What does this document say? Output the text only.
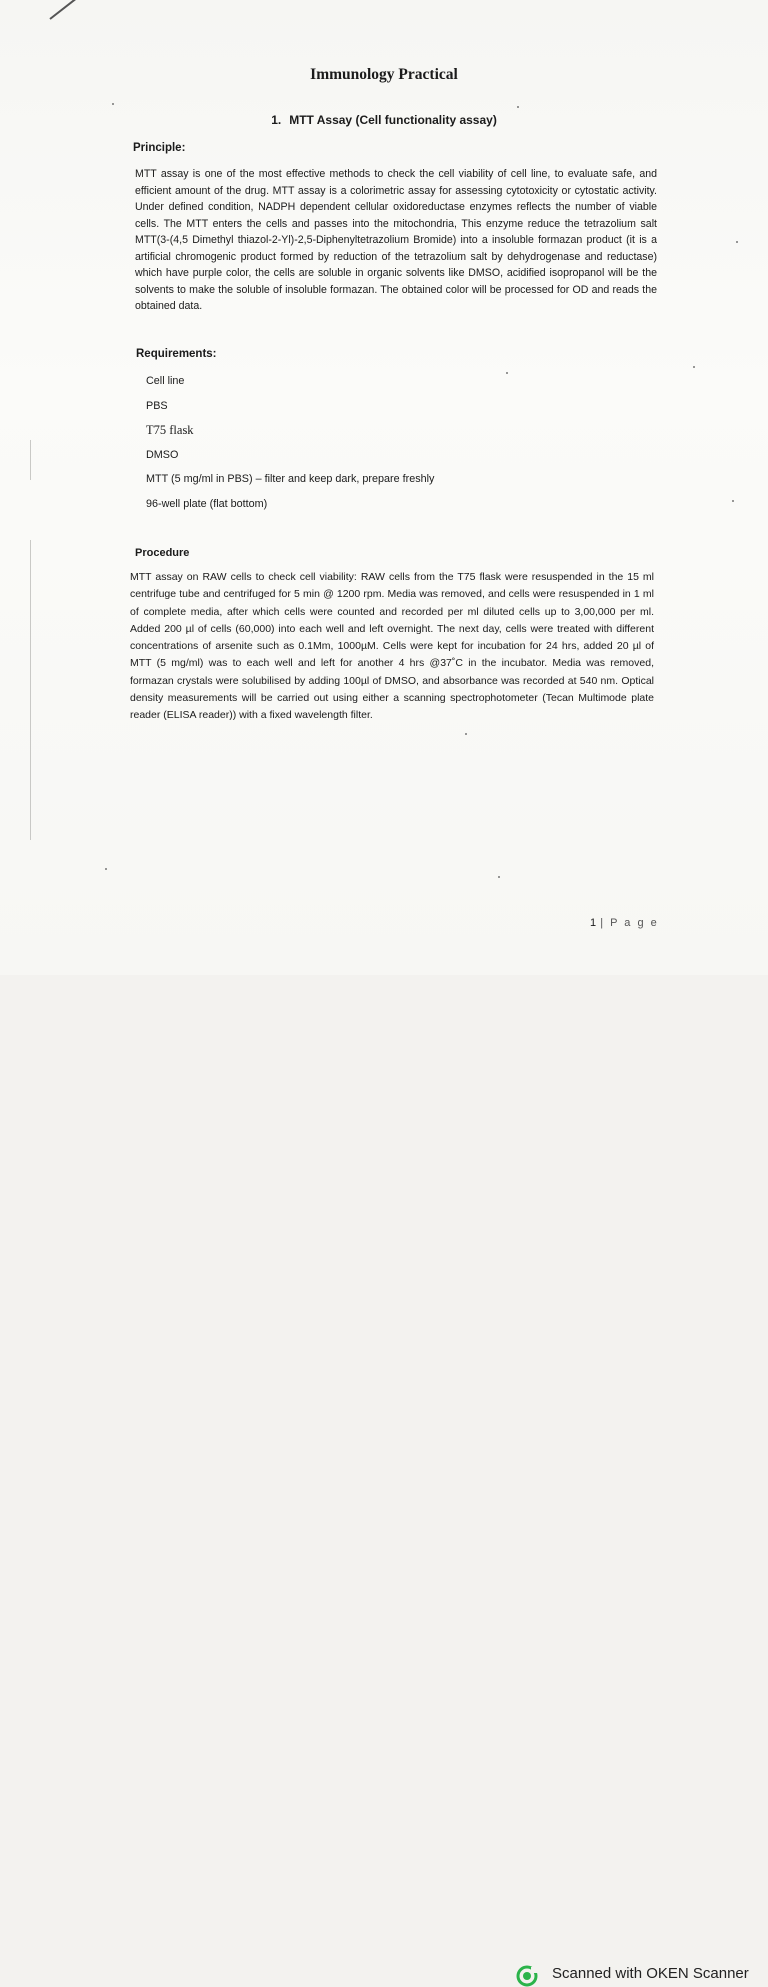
Immunology Practical
1. MTT Assay (Cell functionality assay)
Principle:

MTT assay is one of the most effective methods to check the cell viability of cell line, to evaluate safe, and efficient amount of the drug. MTT assay is a colorimetric assay for assessing cytotoxicity or cytostatic activity. Under defined condition, NADPH dependent cellular oxidoreductase enzymes reflects the number of viable cells. The MTT enters the cells and passes into the mitochondria, This enzyme reduce the tetrazolium salt MTT(3-(4,5 Dimethyl thiazol-2-Yl)-2,5-Diphenyltetrazolium Bromide) into a insoluble formazan product (it is a artificial chromogenic product formed by reduction of the tetrazolium salt by dehydrogenase and reductase) which have purple color, the cells are soluble in organic solvents like DMSO, acidified isopropanol will be the solvents to make the soluble of insoluble formazan. The obtained color will be processed for OD and reads the obtained data.

Requirements:
Cell line
PBS
T75 flask
DMSO
MTT (5 mg/ml in PBS) – filter and keep dark, prepare freshly
96-well plate (flat bottom)
Procedure

MTT assay on RAW cells to check cell viability: RAW cells from the T75 flask were resuspended in the 15 ml centrifuge tube and centrifuged for 5 min @ 1200 rpm. Media was removed, and cells were resuspended in 1 ml of complete media, after which cells were counted and recorded per ml diluted cells up to 3,00,000 per ml. Added 200 µl of cells (60,000) into each well and left overnight. The next day, cells were treated with different concentrations of arsenite such as 0.1Mm, 1000µM. Cells were kept for incubation for 24 hrs, added 20 µl of MTT (5 mg/ml) was to each well and left for another 4 hrs @37˚C in the incubator. Media was removed, formazan crystals were solubilised by adding 100µl of DMSO, and absorbance was recorded at 540 nm. Optical density measurements will be carried out using either a scanning spectrophotometer (Tecan Multimode plate reader (ELISA reader)) with a fixed wavelength filter.

1 | P a g e
Scanned with OKEN Scanner
